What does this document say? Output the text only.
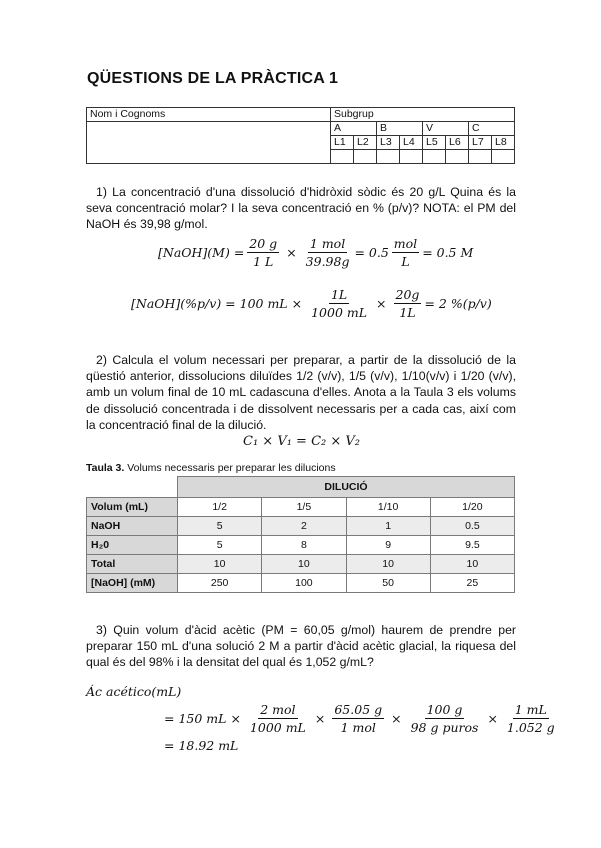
QÜESTIONS DE LA PRÀCTICA 1
Nom i Cognoms	Subgrup							
	A		B		V		C	
	L1	L2	L3	L4	L5	L6	L7	L8

1) La concentració d'una dissolució d'hidròxid sòdic és 20 g/L Quina és la seva concentració molar? I la seva concentració en % (p/v)? NOTA: el PM del NaOH és 39,98 g/mol.
[NaOH](M) = $\frac{20 g}{1 L} \times \frac{\text{1 mol}}{39.98g} = 0.5 \frac{\text{mol}}{L} = 0.5$ M
[NaOH](%p/v) = 100 mL × $\frac{1L}{1000 mL} \times \frac{20g}{1L} = 2$ %(p/v)
2) Calcula el volum necessari per preparar, a partir de la dissolució de la qüestió anterior, dissolucions diluïdes 1/2 (v/v), 1/5 (v/v), 1/10(v/v) i 1/20 (v/v), amb un volum final de 10 mL cadascuna d'elles. Anota a la Taula 3 els volums de dissolució concentrada i de dissolvent necessaris per a cada cas, així com la concentració final de la dilució.
C₁ × V₁ = C₂ × V₂
Taula 3. Volums necessaris per preparar les dilucions
	DILUCIÓ			
Volum (mL)	1/2	1/5	1/10	1/20
NaOH	5	2	1	0.5
H₂0	5	8	9	9.5
Total	10	10	10	10
[NaOH] (mM)	250	100	50	25
3) Quin volum d'àcid acètic (PM = 60,05 g/mol) haurem de prendre per preparar 150 mL d'una solució 2 M a partir d'àcid acètic glacial, la riquesa del qual és del 98% i la densitat del qual és 1,052 g/mL?
Ác acético(mL)
= 150 mL × $\frac{\text{2 mol}}{1000 mL} \times \frac{65.05 g}{\text{1 mol}} \times \frac{100 g}{\text{98 g puros}} \times \frac{1 mL}{1.052 g}$
= 18.92 mL
